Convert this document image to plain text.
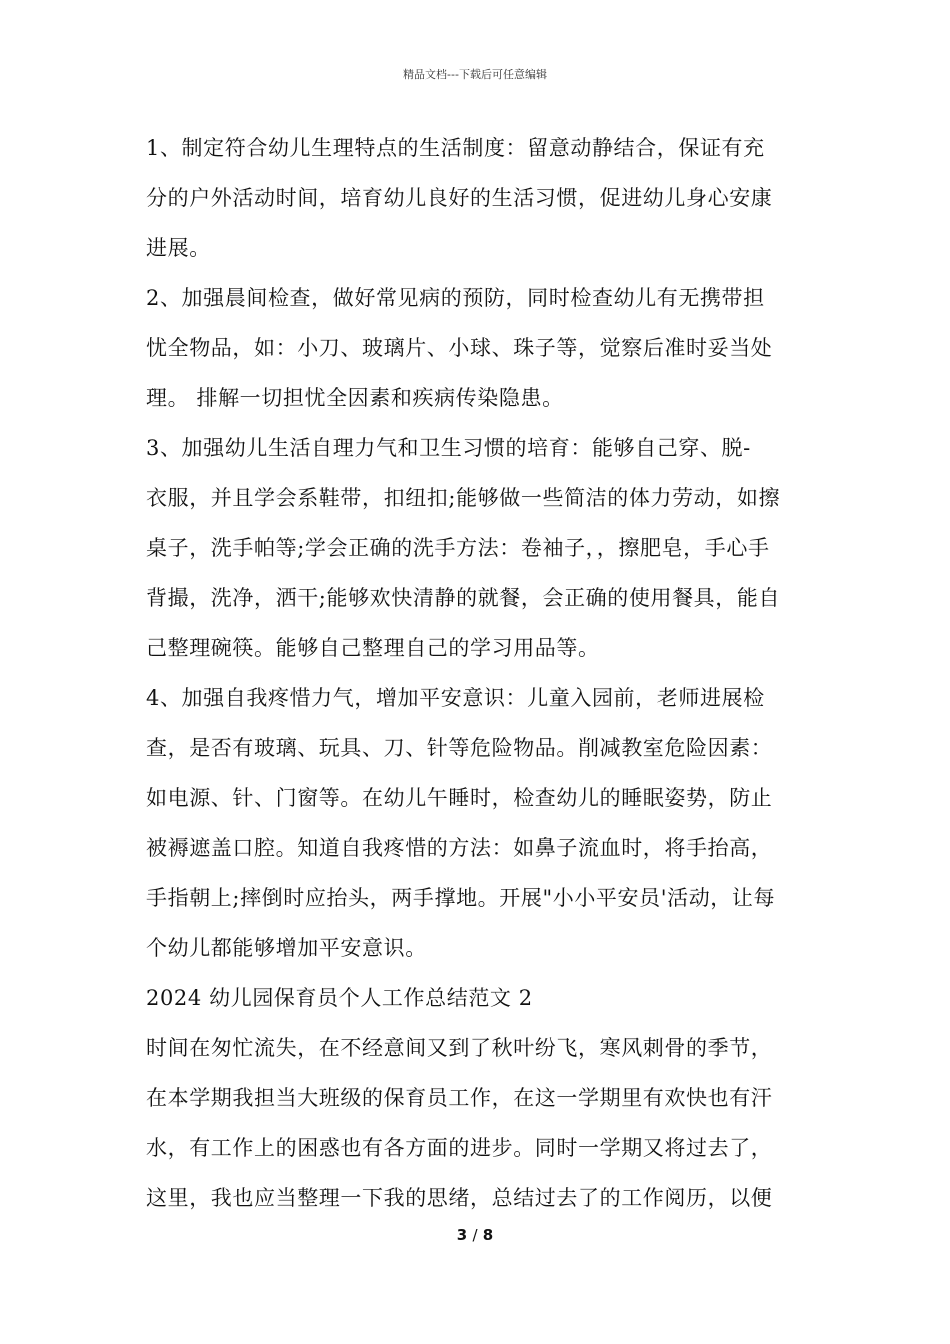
精品文档---下载后可任意编辑
1、制定符合幼儿生理特点的生活制度：留意动静结合，保证有充
分的户外活动时间，培育幼儿良好的生活习惯，促进幼儿身心安康
进展。
2、加强晨间检查，做好常见病的预防，同时检查幼儿有无携带担
忧全物品，如：小刀、玻璃片、小球、珠子等，觉察后准时妥当处
理。 排解一切担忧全因素和疾病传染隐患。
3、加强幼儿生活自理力气和卫生习惯的培育：能够自己穿、脱-
衣服，并且学会系鞋带，扣纽扣;能够做一些简洁的体力劳动，如擦
桌子，洗手帕等;学会正确的洗手方法：卷袖子，，擦肥皂，手心手
背撮，洗净，洒干;能够欢快清静的就餐，会正确的使用餐具，能自
己整理碗筷。能够自己整理自己的学习用品等。
4、加强自我疼惜力气，增加平安意识：儿童入园前，老师进展检
查，是否有玻璃、玩具、刀、针等危险物品。削减教室危险因素：
如电源、针、门窗等。在幼儿午睡时，检查幼儿的睡眠姿势，防止
被褥遮盖口腔。知道自我疼惜的方法：如鼻子流血时，将手抬高，
手指朝上;摔倒时应抬头，两手撑地。开展"小小平安员'活动，让每
个幼儿都能够增加平安意识。
2024 幼儿园保育员个人工作总结范文 2
时间在匆忙流失，在不经意间又到了秋叶纷飞，寒风刺骨的季节，
在本学期我担当大班级的保育员工作，在这一学期里有欢快也有汗
水，有工作上的困惑也有各方面的进步。同时一学期又将过去了，
这里，我也应当整理一下我的思绪，总结过去了的工作阅历，以便
3 / 8
